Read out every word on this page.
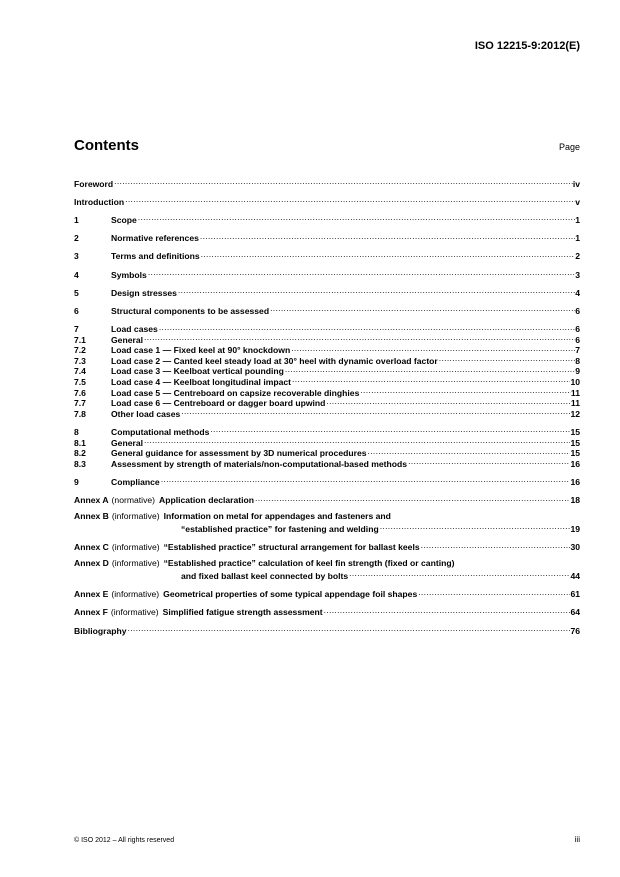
ISO 12215-9:2012(E)
Contents	Page
Foreword .....	iv
Introduction .....	v
1	Scope .....	1
2	Normative references .....	1
3	Terms and definitions .....	2
4	Symbols .....	3
5	Design stresses .....	4
6	Structural components to be assessed .....	6
7	Load cases .....	6
7.1	General .....	6
7.2	Load case 1 — Fixed keel at 90° knockdown .....	7
7.3	Load case 2 — Canted keel steady load at 30° heel with dynamic overload factor .....	8
7.4	Load case 3 — Keelboat vertical pounding .....	9
7.5	Load case 4 — Keelboat longitudinal impact .....	10
7.6	Load case 5 — Centreboard on capsize recoverable dinghies .....	11
7.7	Load case 6 — Centreboard or dagger board upwind .....	11
7.8	Other load cases .....	12
8	Computational methods .....	15
8.1	General .....	15
8.2	General guidance for assessment by 3D numerical procedures .....	15
8.3	Assessment by strength of materials/non-computational-based methods .....	16
9	Compliance .....	16
Annex A (normative) Application declaration .....	18
Annex B (informative) Information on metal for appendages and fasteners and
“established practice” for fastening and welding .....	19
Annex C (informative) “Established practice” structural arrangement for ballast keels .....	30
Annex D (informative) “Established practice” calculation of keel fin strength (fixed or canting)
and fixed ballast keel connected by bolts .....	44
Annex E (informative) Geometrical properties of some typical appendage foil shapes .....	61
Annex F (informative) Simplified fatigue strength assessment .....	64
Bibliography .....	76
© ISO 2012 – All rights reserved	iii
